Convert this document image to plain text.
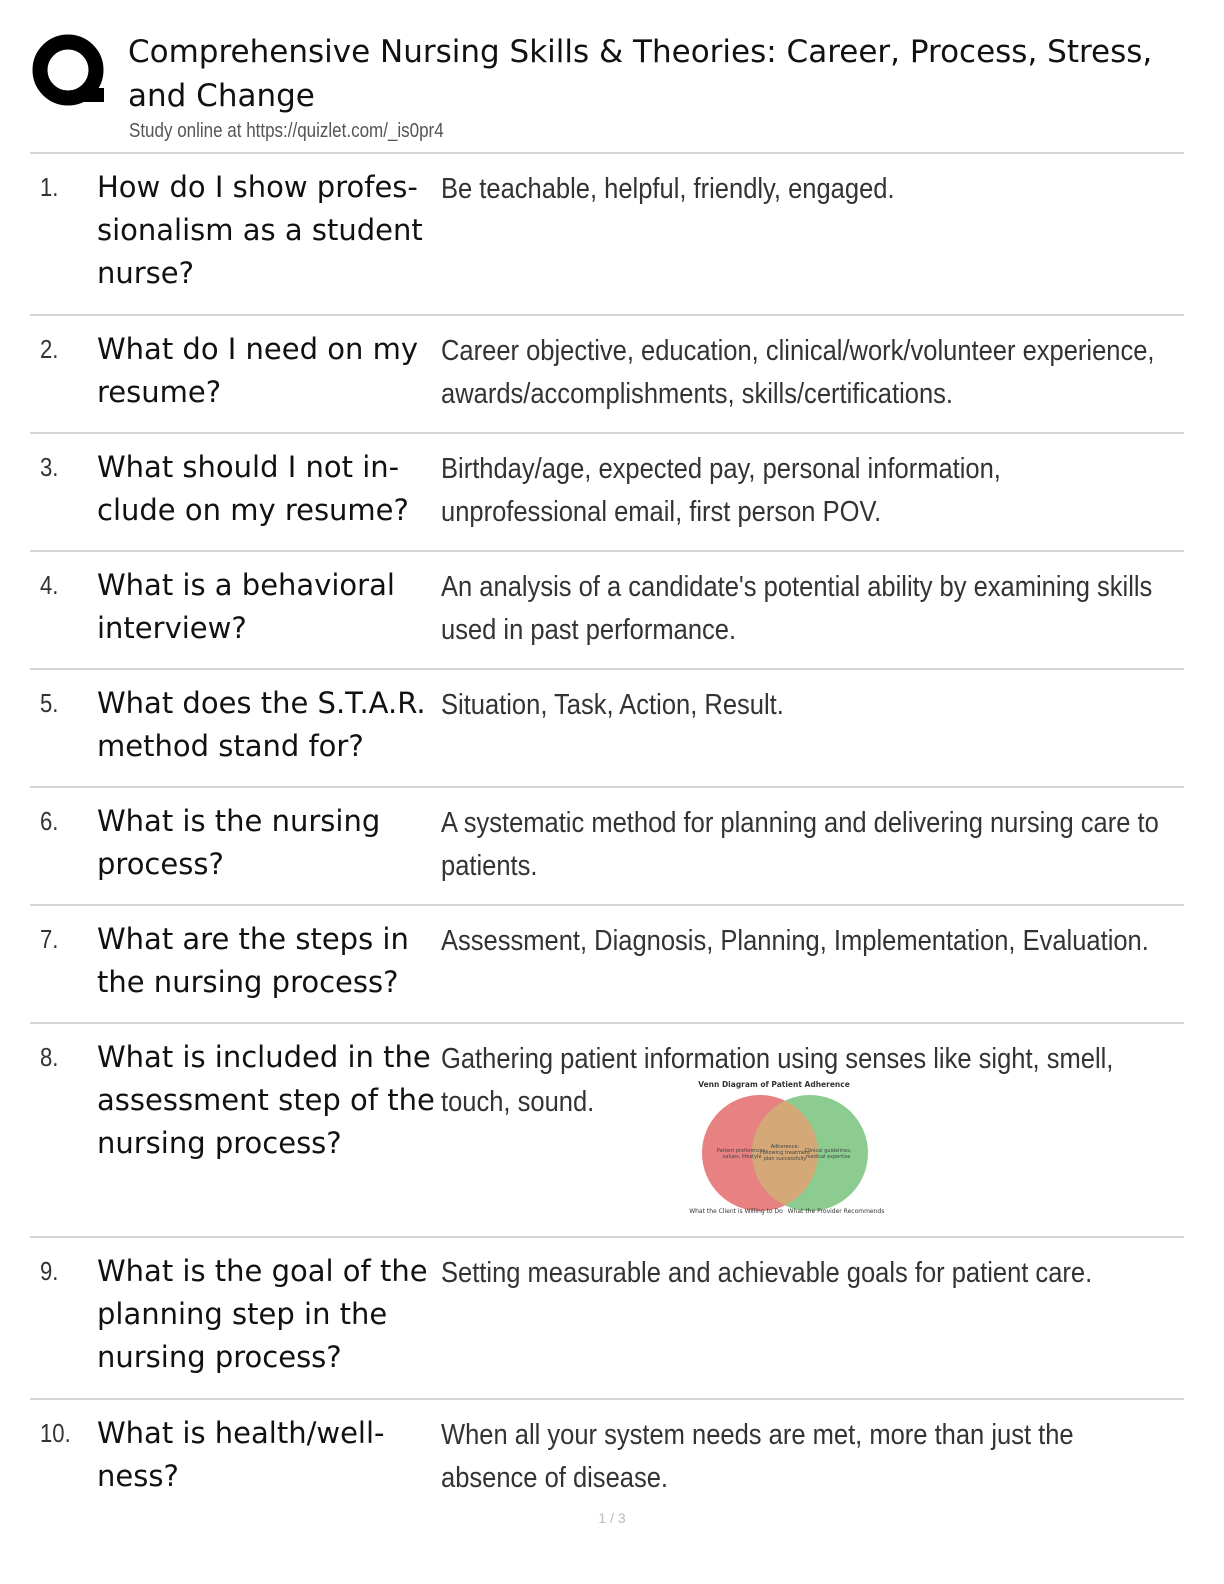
Comprehensive Nursing Skills & Theories: Career, Process, Stress, and Change
Study online at https://quizlet.com/_is0pr4
1. How do I show profes-sionalism as a student nurse?
Be teachable, helpful, friendly, engaged.
2. What do I need on my resume?
Career objective, education, clinical/work/volunteer experience, awards/accomplishments, skills/certifications.
3. What should I not in-clude on my resume?
Birthday/age, expected pay, personal information, unprofessional email, first person POV.
4. What is a behavioral interview?
An analysis of a candidate's potential ability by examining skills used in past performance.
5. What does the S.T.A.R. method stand for?
Situation, Task, Action, Result.
6. What is the nursing process?
A systematic method for planning and delivering nursing care to patients.
7. What are the steps in the nursing process?
Assessment, Diagnosis, Planning, Implementation, Evaluation.
8. What is included in the assessment step of the nursing process?
Gathering patient information using senses like sight, smell, touch, sound.
Venn Diagram of Patient Adherence
Patient preferences,
values, lifestyle
Adherence:
Following treatment
plan successfully
Clinical guidelines,
medical expertise
What the Client is Willing to Do What the Provider Recommends
9. What is the goal of the planning step in the nursing process?
Setting measurable and achievable goals for patient care.
10. What is health/well-ness?
When all your system needs are met, more than just the absence of disease.
1 / 3
